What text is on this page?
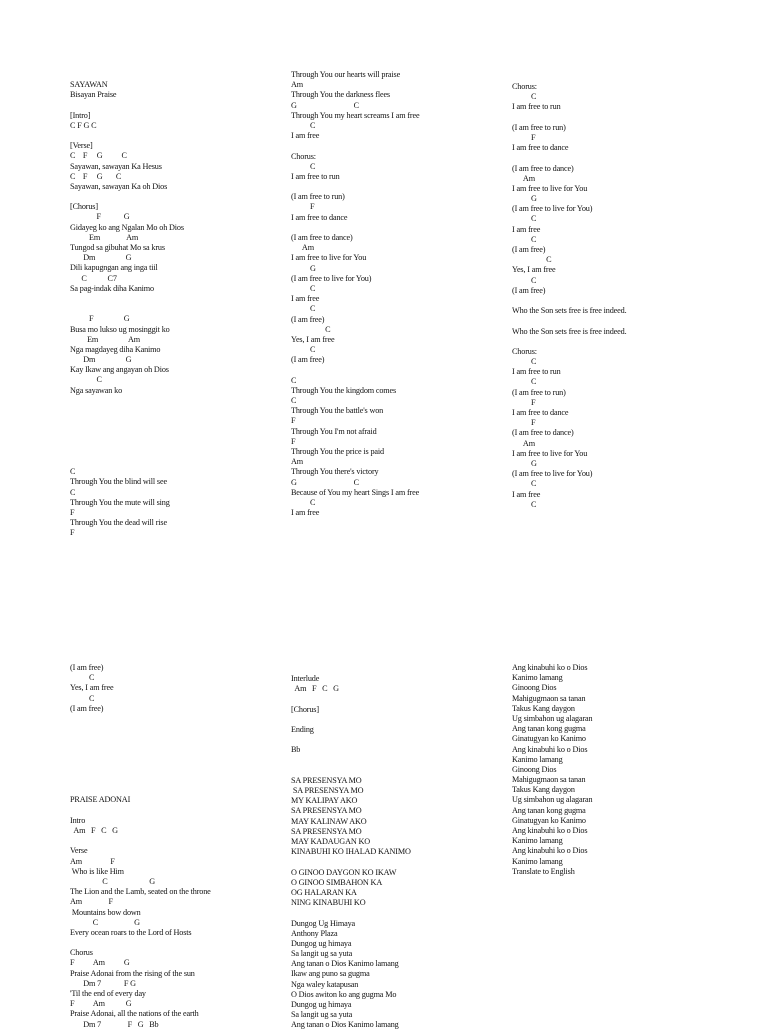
SAYAWAN
Bisayan Praise
[Intro]
C F G C
[Verse]
C    F     G          C
Sayawan, sawayan Ka Hesus
C    F     G       C
Sayawan, sawayan Ka oh Dios
[Chorus]
F            G
Gidayeg ko ang Ngalan Mo oh Dios
Em              Am
Tungod sa gibuhat Mo sa krus
Dm                G
Dili kapugngan ang inga tiil
C           C7
Sa pag-indak diha Kanimo
F                G
Busa mo lukso ug mosinggit ko
Em                Am
Nga magdayeg diha Kanimo
Dm                G
Kay Ikaw ang angayan oh Dios
C
Nga sayawan ko
C
Through You the blind will see
C
Through You the mute will sing
F
Through You the dead will rise
F
Through You our hearts will praise
Am
Through You the darkness flees
G                              C
Through You my heart screams I am free
C
I am free
Chorus:
C
I am free to run
(I am free to run)
F
I am free to dance
(I am free to dance)
Am
I am free to live for You
G
(I am free to live for You)
C
I am free
C
(I am free)
C
Yes, I am free
C
(I am free)
C
Through You the kingdom comes
C
Through You the battle's won
F
Through You I'm not afraid
F
Through You the price is paid
Am
Through You there's victory
G                              C
Because of You my heart Sings I am free
C
I am free
Chorus:
C
I am free to run
(I am free to run)
F
I am free to dance
(I am free to dance)
Am
I am free to live for You
G
(I am free to live for You)
C
I am free
C
(I am free)
C
Yes, I am free
C
(I am free)
Who the Son sets free is free indeed.
Who the Son sets free is free indeed.
Chorus:
C
I am free to run
C
(I am free to run)
F
I am free to dance
F
(I am free to dance)
Am
I am free to live for You
G
(I am free to live for You)
C
I am free
C
(I am free)
C
Yes, I am free
C
(I am free)
PRAISE ADONAI
Intro
Am   F   C   G
Verse
Am               F
Who is like Him
C                      G
The Lion and the Lamb, seated on the throne
Am              F
Mountains bow down
C                   G
Every ocean roars to the Lord of Hosts
Chorus
F          Am          G
Praise Adonai from the rising of the sun
Dm 7            F G
'Til the end of every day
F          Am           G
Praise Adonai, all the nations of the earth
Dm 7              F   G   Bb
Interlude
Am   F   C   G
[Chorus]
Ending
Bb
SA PRESENSYA MO
SA PRESENSYA MO
MY KALIPAY AKO
SA PRESENSYA MO
MAY KALINAW AKO
SA PRESENSYA MO
MAY KADAUGAN KO
KINABUHI KO IHALAD KANIMO
O GINOO DAYGON KO IKAW
O GINOO SIMBAHON KA
OG HALARAN KA
NING KINABUHI KO
Dungog Ug Himaya
Anthony Plaza
Dungog ug himaya
Sa langit ug sa yuta
Ang tanan o Dios Kanimo lamang
Ikaw ang puno sa gugma
Nga waley katapusan
O Dios awiton ko ang gugma Mo
Dungog ug himaya
Sa langit ug sa yuta
Ang tanan o Dios Kanimo lamang
Ang kinabuhi ko o Dios
Kanimo lamang
Ginoong Dios
Mahigugmaon sa tanan
Takus Kang daygon
Ug simbahon ug alagaran
Ang tanan kong gugma
Ginatugyan ko Kanimo
Ang kinabuhi ko o Dios
Kanimo lamang
Ginoong Dios
Mahigugmaon sa tanan
Takus Kang daygon
Ug simbahon ug alagaran
Ang tanan kong gugma
Ginatugyan ko Kanimo
Ang kinabuhi ko o Dios
Kanimo lamang
Ang kinabuhi ko o Dios
Kanimo lamang
Translate to English
